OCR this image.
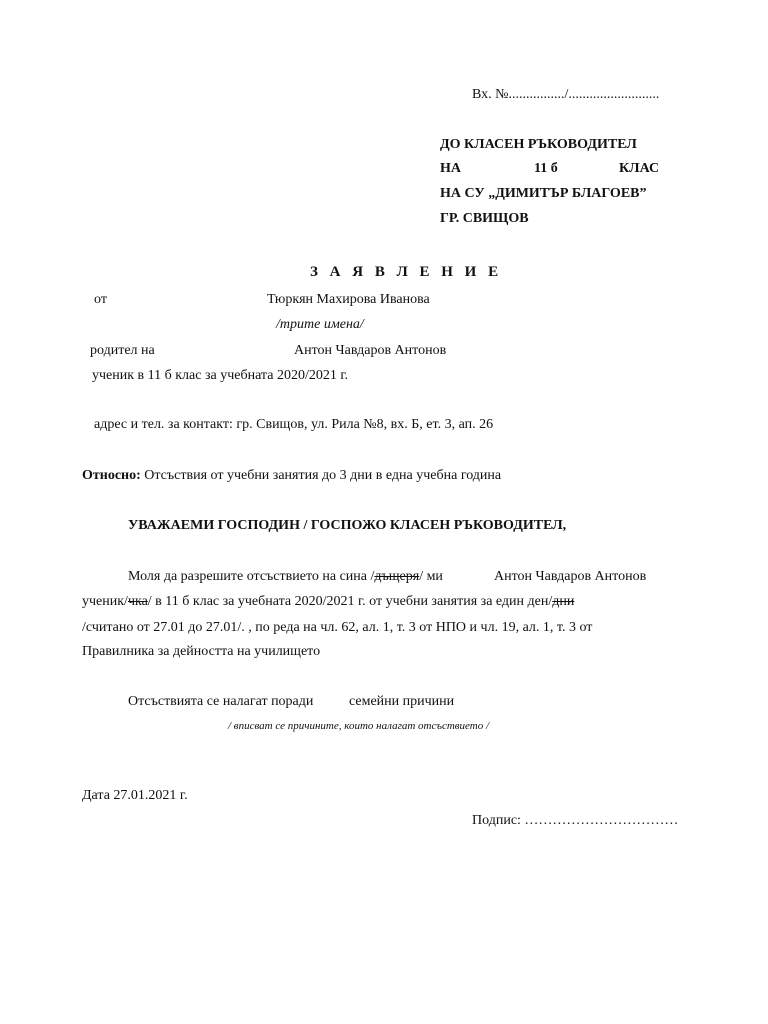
Вх. №................/..........................
ДО КЛАСЕН РЪКОВОДИТЕЛ
НА	11 б	КЛАС
НА СУ „ДИМИТЪР БЛАГОЕВ”
ГР. СВИЩОВ
З А Я В Л Е Н И Е
от	Тюркян Махирова Иванова
/трите имена/
родител на	Антон Чавдаров Антонов
ученик в 11 б клас за учебната 2020/2021 г.
адрес и тел. за контакт: гр. Свищов, ул. Рила №8, вх. Б, ет. 3, ап. 26
Относно: Отсъствия от учебни занятия до 3 дни в една учебна година
УВАЖАЕМИ ГОСПОДИН / ГОСПОЖО КЛАСЕН РЪКОВОДИТЕЛ,
Моля да разрешите отсъствието на сина /дъщеря/ ми	Антон Чавдаров Антонов
ученик/чка/ в 11 б клас за учебната 2020/2021 г. от учебни занятия за един ден/дни
/считано от 27.01 до 27.01/. , по реда на чл. 62, ал. 1, т. 3 от НПО и чл. 19, ал. 1, т. 3 от
Правилника за дейността на училището
Отсъствията се налагат поради	семейни причини
/ вписват се причините, които налагат отсъствието /
Дата 27.01.2021 г.
Подпис: ……………………………
